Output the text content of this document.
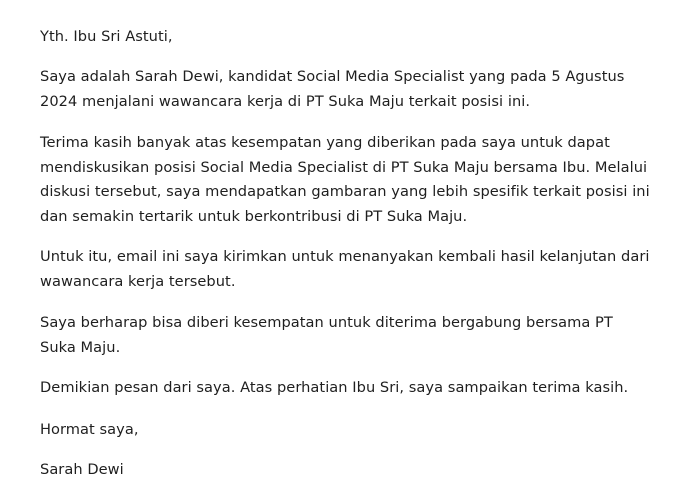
Yth. Ibu Sri Astuti,

Saya adalah Sarah Dewi, kandidat Social Media Specialist yang pada 5 Agustus
2024 menjalani wawancara kerja di PT Suka Maju terkait posisi ini.

Terima kasih banyak atas kesempatan yang diberikan pada saya untuk dapat
mendiskusikan posisi Social Media Specialist di PT Suka Maju bersama Ibu. Melalui
diskusi tersebut, saya mendapatkan gambaran yang lebih spesifik terkait posisi ini
dan semakin tertarik untuk berkontribusi di PT Suka Maju.

Untuk itu, email ini saya kirimkan untuk menanyakan kembali hasil kelanjutan dari
wawancara kerja tersebut.

Saya berharap bisa diberi kesempatan untuk diterima bergabung bersama PT
Suka Maju.

Demikian pesan dari saya. Atas perhatian Ibu Sri, saya sampaikan terima kasih.

Hormat saya,

Sarah Dewi
